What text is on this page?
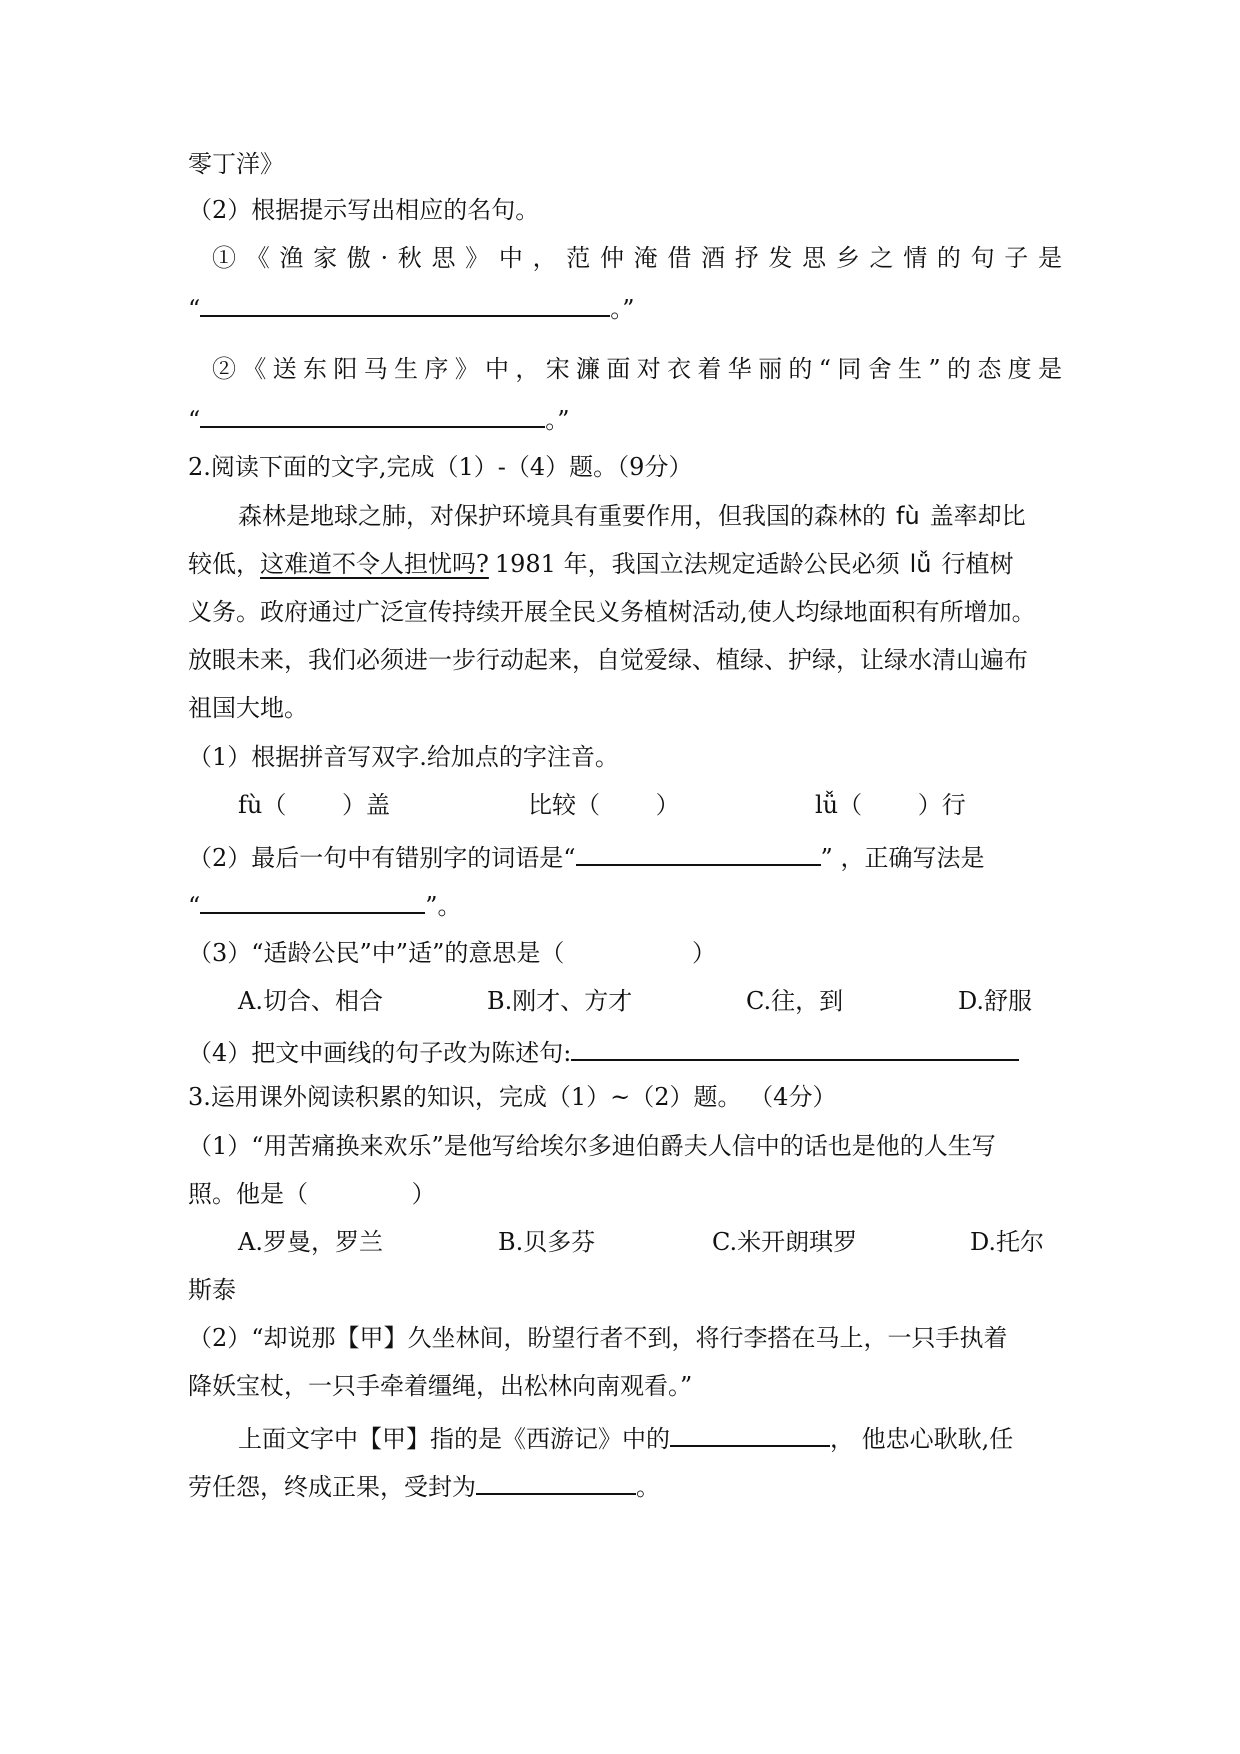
零丁洋》
（2）根据提示写出相应的名句。
①《渔家傲·秋思》中，范仲淹借酒抒发思乡之情的句子是
“	。”
②《送东阳马生序》中，宋濂面对衣着华丽的“同舍生”的态度是
“	。”
2.阅读下面的文字,完成（1）-（4）题。（9分）
森林是地球之肺，对保护环境具有重要作用，但我国的森林的 fù 盖率却比
较低，这难道不令人担忧吗? 1981 年，我国立法规定适龄公民必须 lǚ 行植树
义务。政府通过广泛宣传持续开展全民义务植树活动,使人均绿地面积有所增加。
放眼未来，我们必须进一步行动起来，自觉爱绿、植绿、护绿，让绿水清山遍布
祖国大地。
（1）根据拼音写双字.给加点的字注音。
fù（　　 ）盖	比较（　　 ）	lǚ（　　 ）行
（2）最后一句中有错别字的词语是“	” ，正确写法是
“	”。
（3）“适龄公民”中”适”的意思是（　　　　　 ）
A.切合、相合	B.刚才、方才	C.往，到	D.舒服
（4）把文中画线的句子改为陈述句:
3.运用课外阅读积累的知识，完成（1）~（2）题。 （4分）
（1）“用苦痛换来欢乐”是他写给埃尔多迪伯爵夫人信中的话也是他的人生写
照。他是（　　　　 ）
A.罗曼，罗兰	B.贝多芬	C.米开朗琪罗	D.托尔
斯泰
（2）“却说那【甲】久坐林间，盼望行者不到，将行李搭在马上，一只手执着
降妖宝杖，一只手牵着缰绳，出松林向南观看。”
上面文字中【甲】指的是《西游记》中的	， 他忠心耿耿,任
劳任怨，终成正果，受封为	。
